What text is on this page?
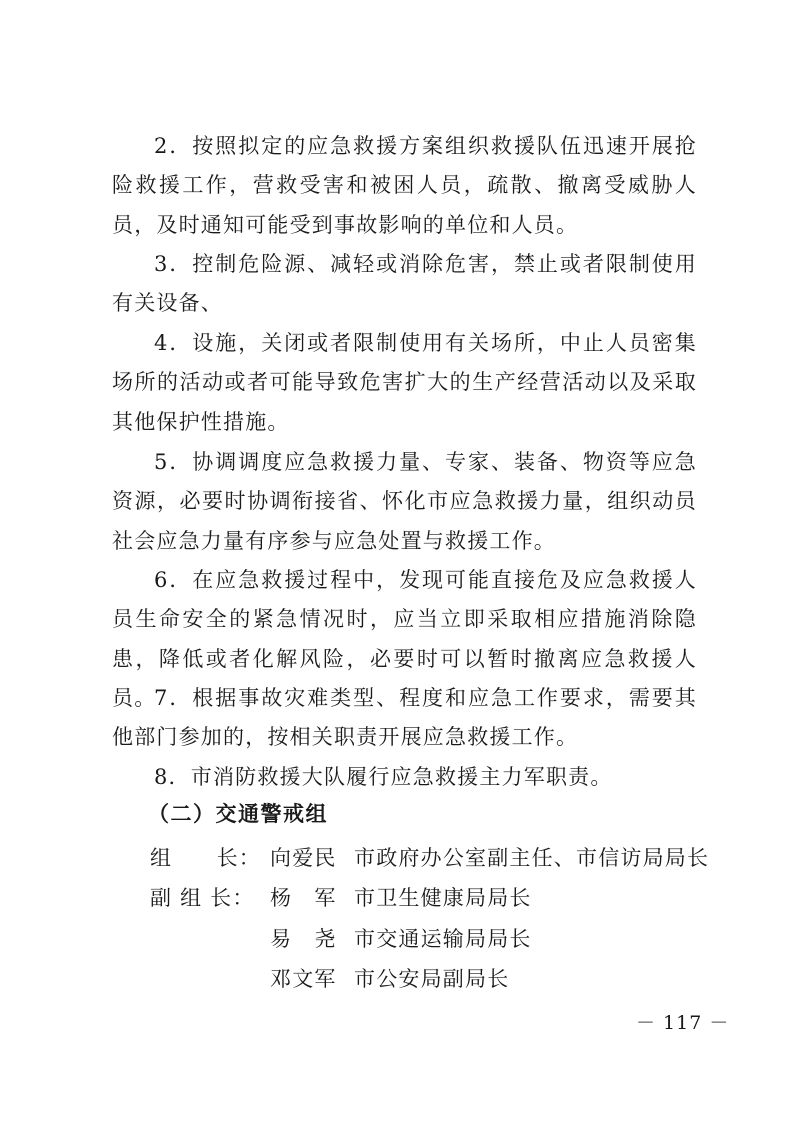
2．按照拟定的应急救援方案组织救援队伍迅速开展抢险救援工作，营救受害和被困人员，疏散、撤离受威胁人员，及时通知可能受到事故影响的单位和人员。

3．控制危险源、减轻或消除危害，禁止或者限制使用有关设备、

4．设施，关闭或者限制使用有关场所，中止人员密集场所的活动或者可能导致危害扩大的生产经营活动以及采取其他保护性措施。

5．协调调度应急救援力量、专家、装备、物资等应急资源，必要时协调衔接省、怀化市应急救援力量，组织动员社会应急力量有序参与应急处置与救援工作。

6．在应急救援过程中，发现可能直接危及应急救援人员生命安全的紧急情况时，应当立即采取相应措施消除隐患，降低或者化解风险，必要时可以暂时撤离应急救援人员。

7．根据事故灾难类型、程度和应急工作要求，需要其他部门参加的，按相关职责开展应急救援工作。

8．市消防救援大队履行应急救援主力军职责。

（二）交通警戒组
组　　长： 向爱民 市政府办公室副主任、市信访局局长
副 组 长： 杨　军 市卫生健康局局长
易　尧 市交通运输局局长
邓文军 市公安局副局长
－ 117 －
